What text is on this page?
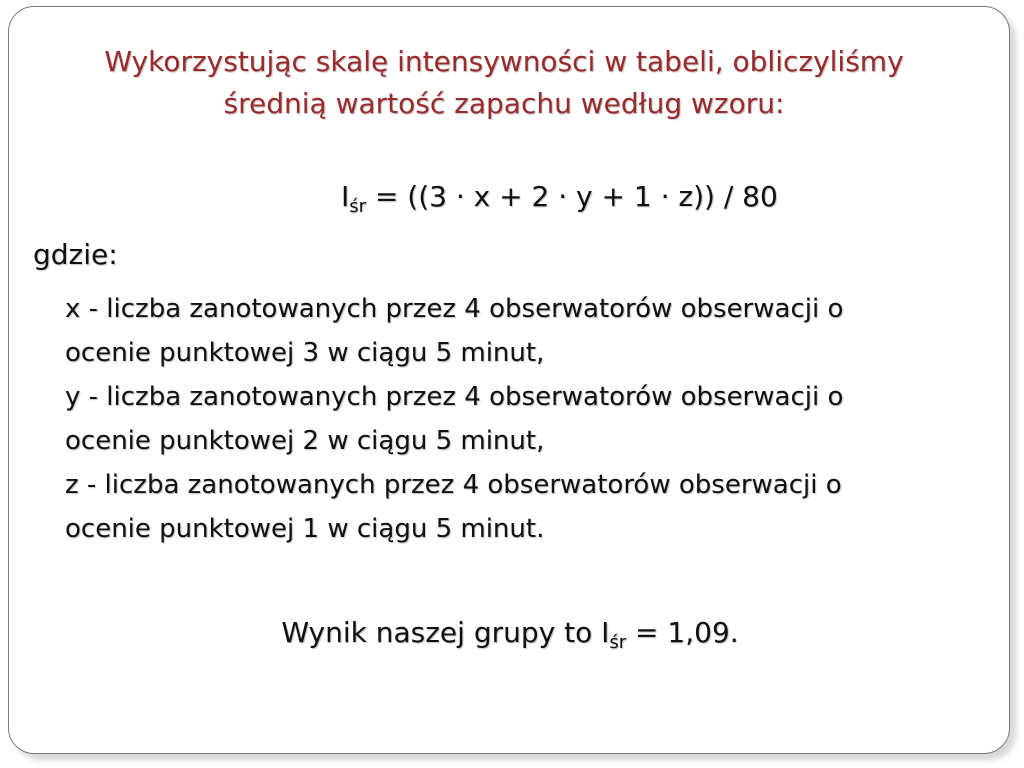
Wykorzystując skalę intensywności w tabeli, obliczyliśmy
średnią wartość zapachu według wzoru:
$I_{śr} = ((3 \cdot x + 2 \cdot y + 1 \cdot z)) / 80$
gdzie:
x - liczba zanotowanych przez 4 obserwatorów obserwacji o
ocenie punktowej 3 w ciągu 5 minut,
y - liczba zanotowanych przez 4 obserwatorów obserwacji o
ocenie punktowej 2 w ciągu 5 minut,
z - liczba zanotowanych przez 4 obserwatorów obserwacji o
ocenie punktowej 1 w ciągu 5 minut.
Wynik naszej grupy to $I_{śr} = 1,09$.
